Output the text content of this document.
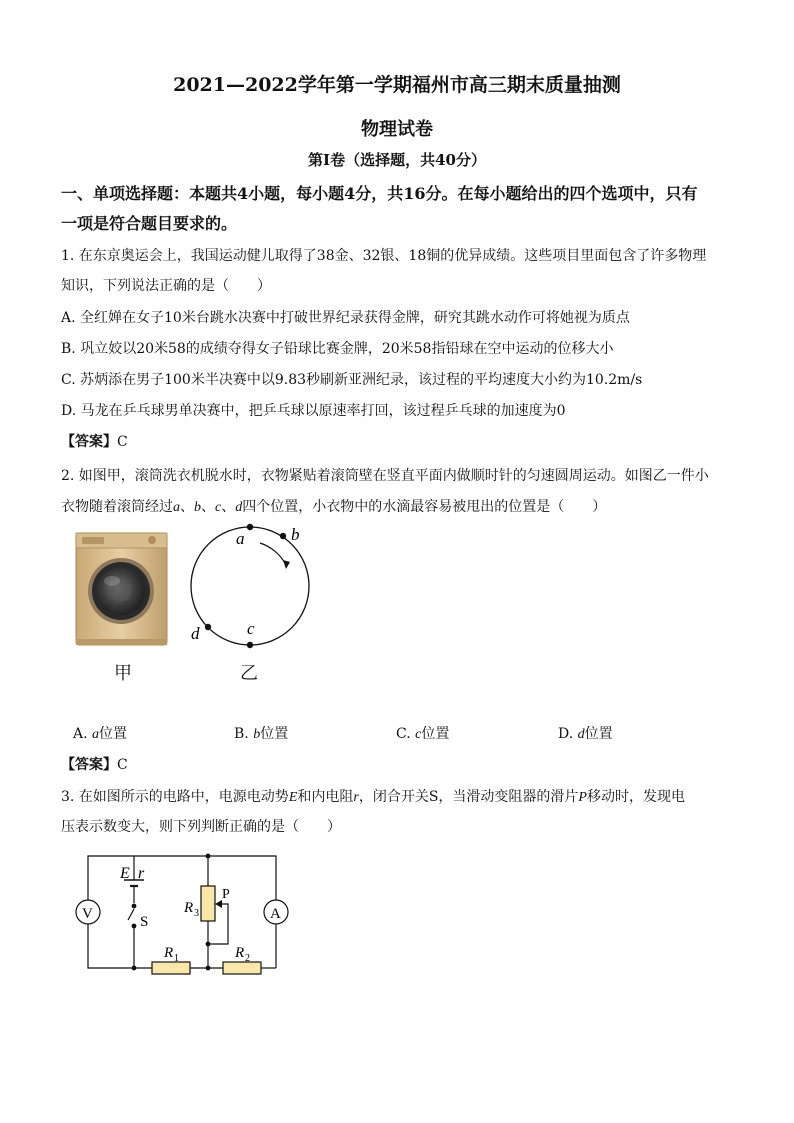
2021—2022学年第一学期福州市高三期末质量抽测
物理试卷
第Ⅰ卷（选择题，共40分）
一、单项选择题：本题共4小题，每小题4分，共16分。在每小题给出的四个选项中，只有
一项是符合题目要求的。
1. 在东京奥运会上，我国运动健儿取得了38金、32银、18铜的优异成绩。这些项目里面包含了许多物理
知识，下列说法正确的是（　　）
A. 全红婵在女子10米台跳水决赛中打破世界纪录获得金牌，研究其跳水动作可将她视为质点
B. 巩立姣以20米58的成绩夺得女子铅球比赛金牌，20米58指铅球在空中运动的位移大小
C. 苏炳添在男子100米半决赛中以9.83秒刷新亚洲纪录，该过程的平均速度大小约为10.2m/s
D. 马龙在乒乓球男单决赛中，把乒乓球以原速率打回，该过程乒乓球的加速度为0
【答案】C
2. 如图甲，滚筒洗衣机脱水时，衣物紧贴着滚筒壁在竖直平面内做顺时针的匀速圆周运动。如图乙一件小
衣物随着滚筒经过a、b、c、d四个位置，小衣物中的水滴最容易被甩出的位置是（　　）
甲
a	b
c
d
乙
A. a位置	B. b位置	C. c位置	D. d位置
【答案】C
3. 在如图所示的电路中，电源电动势E和内电阻r，闭合开关S，当滑动变阻器的滑片P移动时，发现电
压表示数变大，则下列判断正确的是（　　）
V	A
E r
S
P
R 3
R 1	R 2
